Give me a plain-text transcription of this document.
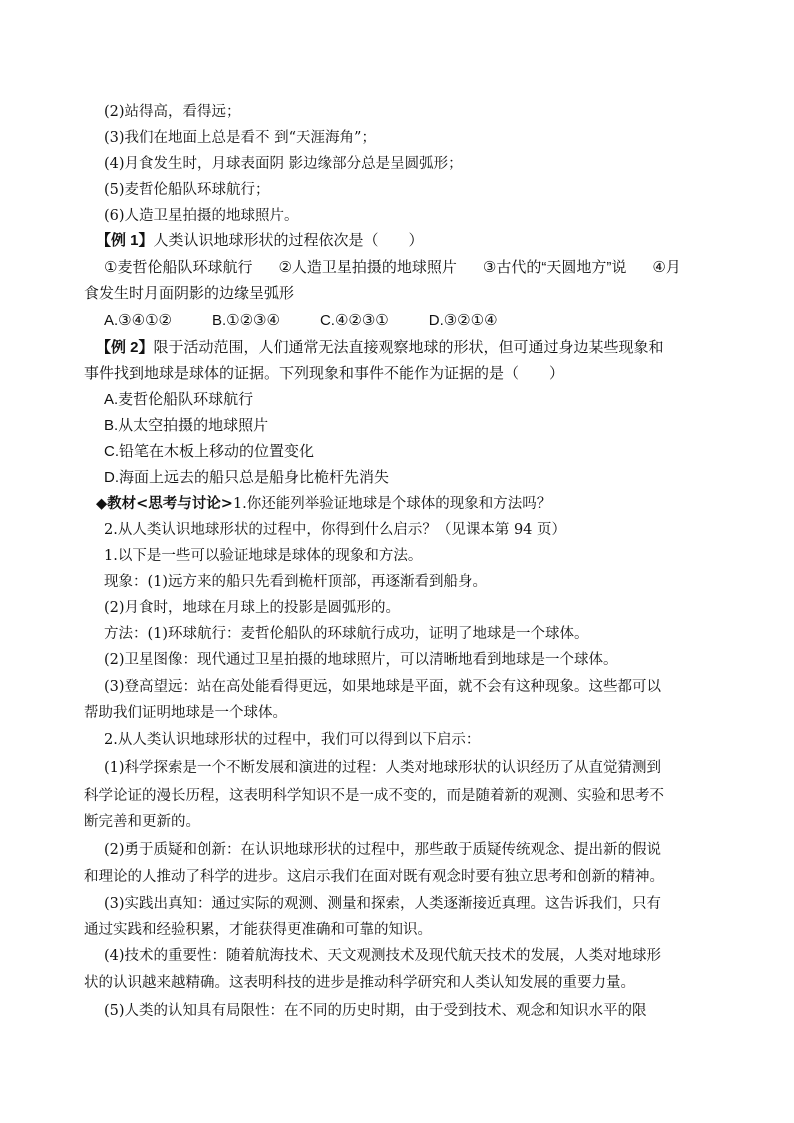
(2)站得高，看得远；
(3)我们在地面上总是看不 到“天涯海角”；
(4)月食发生时，月球表面阴 影边缘部分总是呈圆弧形；
(5)麦哲伦船队环球航行；
(6)人造卫星拍摄的地球照片。
【例 1】人类认识地球形状的过程依次是（　　）
①麦哲伦船队环球航行 ②人造卫星拍摄的地球照片 ③古代的“天圆地方”说 ④月
食发生时月面阴影的边缘呈弧形
A.③④①②	B.①②③④	C.④②③①	D.③②①④
【例 2】限于活动范围，人们通常无法直接观察地球的形状，但可通过身边某些现象和
事件找到地球是球体的证据。下列现象和事件不能作为证据的是（　　）
A.麦哲伦船队环球航行
B.从太空拍摄的地球照片
C.铅笔在木板上移动的位置变化
D.海面上远去的船只总是船身比桅杆先消失
◆教材<思考与讨论>1.你还能列举验证地球是个球体的现象和方法吗？
2.从人类认识地球形状的过程中，你得到什么启示？（见课本第 94 页）
1.以下是一些可以验证地球是球体的现象和方法。
现象：(1)远方来的船只先看到桅杆顶部，再逐渐看到船身。
(2)月食时，地球在月球上的投影是圆弧形的。
方法：(1)环球航行：麦哲伦船队的环球航行成功，证明了地球是一个球体。
(2)卫星图像：现代通过卫星拍摄的地球照片，可以清晰地看到地球是一个球体。
(3)登高望远：站在高处能看得更远，如果地球是平面，就不会有这种现象。这些都可以
帮助我们证明地球是一个球体。
2.从人类认识地球形状的过程中，我们可以得到以下启示：
(1)科学探索是一个不断发展和演进的过程：人类对地球形状的认识经历了从直觉猜测到
科学论证的漫长历程，这表明科学知识不是一成不变的，而是随着新的观测、实验和思考不
断完善和更新的。
(2)勇于质疑和创新：在认识地球形状的过程中，那些敢于质疑传统观念、提出新的假说
和理论的人推动了科学的进步。这启示我们在面对既有观念时要有独立思考和创新的精神。
(3)实践出真知：通过实际的观测、测量和探索，人类逐渐接近真理。这告诉我们，只有
通过实践和经验积累，才能获得更准确和可靠的知识。
(4)技术的重要性：随着航海技术、天文观测技术及现代航天技术的发展，人类对地球形
状的认识越来越精确。这表明科技的进步是推动科学研究和人类认知发展的重要力量。
(5)人类的认知具有局限性：在不同的历史时期，由于受到技术、观念和知识水平的限
